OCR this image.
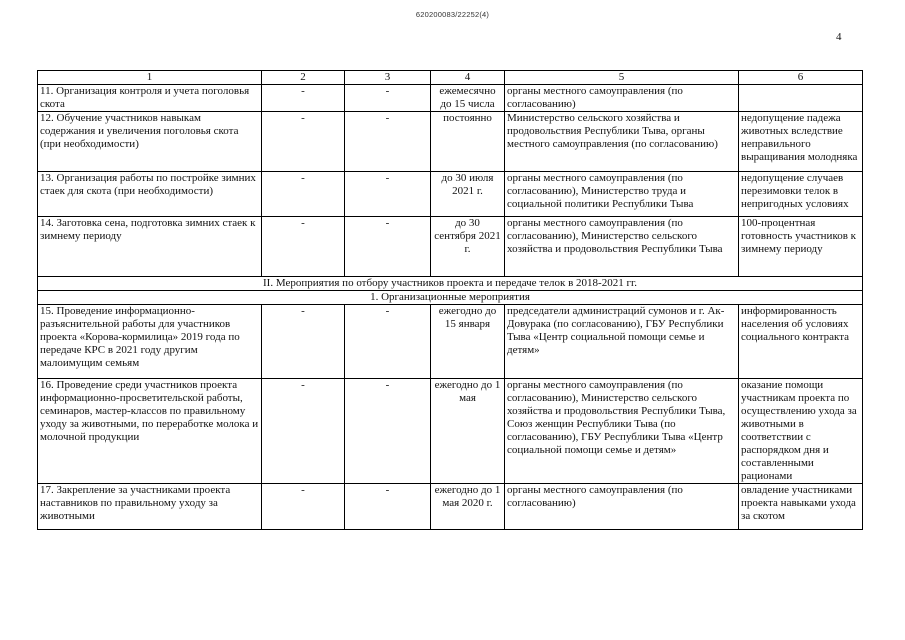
620200083/22252(4)
4
1	2	3	4	5	6
11. Организация контроля и учета поголовья скота	-	-	ежемесячно до 15 числа	органы местного самоуправления (по согласованию)	
12. Обучение участников навыкам содержания и увеличения поголовья скота (при необходимости)	-	-	постоянно	Министерство сельского хозяйства и продовольствия Республики Тыва, органы местного самоуправления (по согласованию)	недопущение падежа животных вследствие неправильного выращивания молодняка
13. Организация работы по постройке зимних стаек для скота (при необходимости)	-	-	до 30 июля 2021 г.	органы местного самоуправления (по согласованию), Министерство труда и социальной политики Республики Тыва	недопущение случаев перезимовки телок в непригодных условиях
14. Заготовка сена, подготовка зимних стаек к зимнему периоду	-	-	до 30 сентября 2021 г.	органы местного самоуправления (по согласованию), Министерство сельского хозяйства и продовольствия Республики Тыва	100-процентная готовность участников к зимнему периоду
II. Мероприятия по отбору участников проекта и передаче телок в 2018-2021 гг.					
1. Организационные мероприятия					
15. Проведение информационно-разъяснительной работы для участников проекта «Корова-кормилица» 2019 года по передаче КРС в 2021 году другим малоимущим семьям	-	-	ежегодно до 15 января	председатели администраций сумонов и г. Ак-Довурака (по согласованию), ГБУ Республики Тыва «Центр социальной помощи семье и детям»	информированность населения об условиях социального контракта
16. Проведение среди участников проекта информационно-просветительской работы, семинаров, мастер-классов по правильному уходу за животными, по переработке молока и молочной продукции	-	-	ежегодно до 1 мая	органы местного самоуправления (по согласованию), Министерство сельского хозяйства и продовольствия Республики Тыва, Союз женщин Республики Тыва (по согласованию), ГБУ Республики Тыва «Центр социальной помощи семье и детям»	оказание помощи участникам проекта по осуществлению ухода за животными в соответствии с распорядком дня и составленными рационами
17. Закрепление за участниками проекта наставников по правильному уходу за животными	-	-	ежегодно до 1 мая 2020 г.	органы местного самоуправления (по согласованию)	овладение участниками проекта навыками ухода за скотом
